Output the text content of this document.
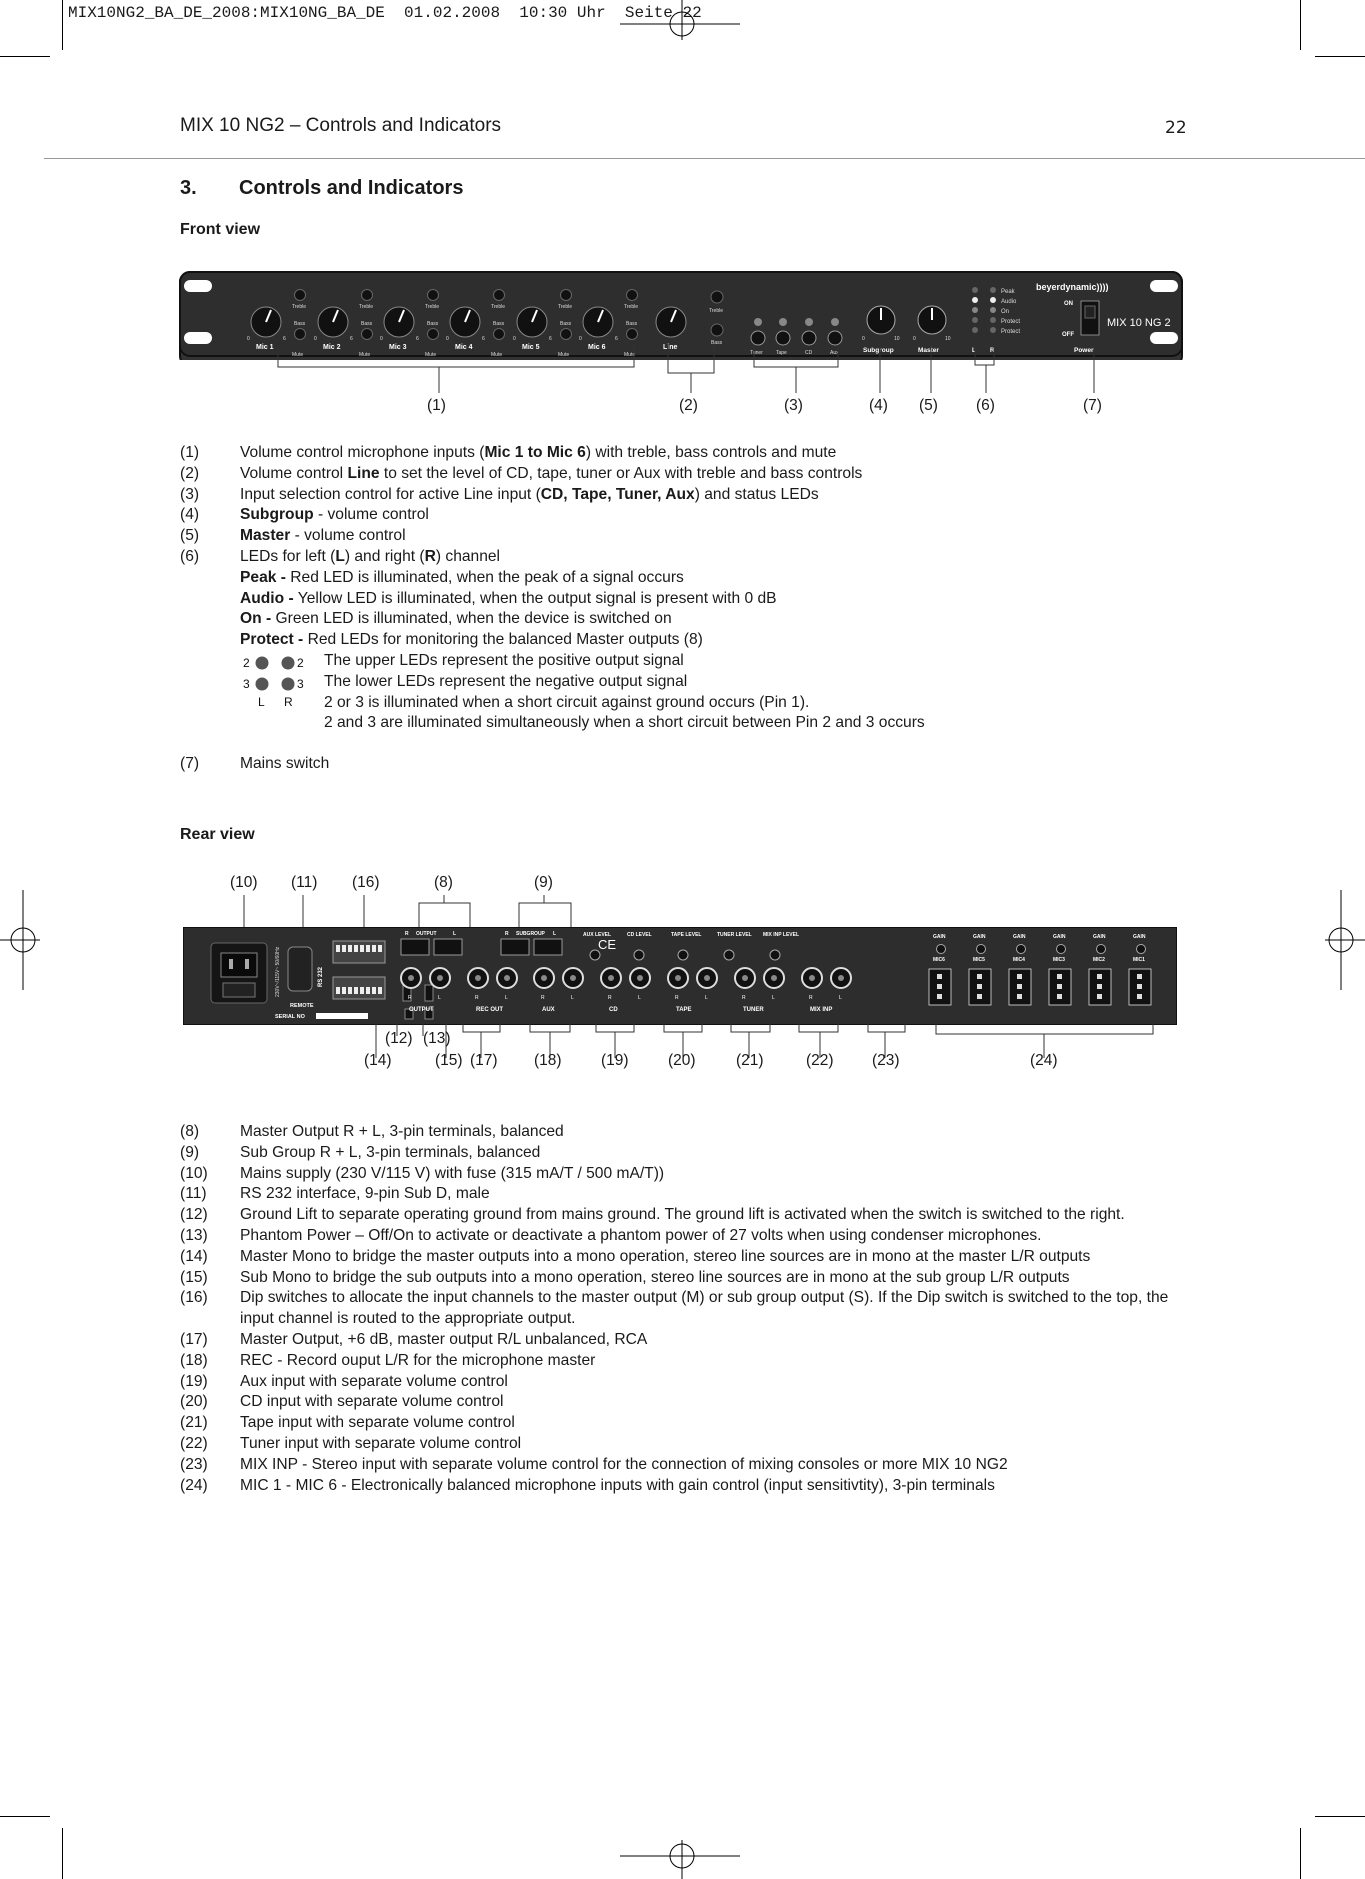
MIX10NG2_BA_DE_2008:MIX10NG_BA_DE  01.02.2008  10:30 Uhr  Seite 22
MIX 10 NG2 – Controls and Indicators	22
3. Controls and Indicators
Front view
Treble
Bass
Mute
0	6
Mic 1
Treble
Bass
Mute
0	6
Mic 2
Treble
Bass
Mute
0	6
Mic 3
Treble
Bass
Mute
0	6
Mic 4
Treble
Bass
Mute
0	6
Mic 5
Treble
Bass
Mute
0	6
Mic 6	Line
Treble
Bass
Tuner	Tape	CD	Aux	Subgroup
0	10
Master
0	10
Peak
Audio
On
Protect
Protect
L R
beyerdynamic))))
ON
OFF
Power
MIX 10 NG 2
(1)	(2)	(3)	(4) (5) (6)	(7)
(1)	Volume control microphone inputs (Mic 1 to Mic 6) with treble, bass controls and mute
(2)	Volume control Line to set the level of CD, tape, tuner or Aux with treble and bass controls
(3)	Input selection control for active Line input (CD, Tape, Tuner, Aux) and status LEDs
(4)	Subgroup - volume control
(5)	Master - volume control
(6)	LEDs for left (L) and right (R) channel
Peak - Red LED is illuminated, when the peak of a signal occurs
Audio - Yellow LED is illuminated, when the output signal is present with 0 dB
On - Green LED is illuminated, when the device is switched on
Protect - Red LEDs for monitoring the balanced Master outputs (8)
2	2
3	3
L R
The upper LEDs represent the positive output signal
The lower LEDs represent the negative output signal
2 or 3 is illuminated when a short circuit against ground occurs (Pin 1).
2 and 3 are illuminated simultaneously when a short circuit between Pin 2 and 3 occurs
(7)	Mains switch
Rear view
(10) (11) (16)	(8)	(9)
230V~/115V~ 50/60Hz	RS 232
REMOTE
SERIAL NO
R OUTPUT	L	R SUBGROUP L
CE
R	L
OUTPUT
R	L
REC OUT
R	L
AUX
R	L
CD
R	L
TAPE
R	L
TUNER
R	L
MIX INP
AUX LEVEL	CD LEVEL	TAPE LEVEL	TUNER LEVEL MIX INP LEVEL	GAIN
MIC6
GAIN
MIC5
GAIN
MIC4
GAIN
MIC3
GAIN
MIC2
GAIN
MIC1
(12) (13)
(14)	(15) (17) (18)	(19)	(20)	(21)	(22) (23)	(24)
(8)	Master Output R + L, 3-pin terminals, balanced
(9)	Sub Group R + L, 3-pin terminals, balanced
(10)	Mains supply (230 V/115 V) with fuse (315 mA/T / 500 mA/T))
(11)	RS 232 interface, 9-pin Sub D, male
(12)	Ground Lift to separate operating ground from mains ground. The ground lift is activated when the switch is switched to the right.
(13)	Phantom Power – Off/On to activate or deactivate a phantom power of 27 volts when using condenser microphones.
(14)	Master Mono to bridge the master outputs into a mono operation, stereo line sources are in mono at the master L/R outputs
(15)	Sub Mono to bridge the sub outputs into a mono operation, stereo line sources are in mono at the sub group L/R outputs
(16)	Dip switches to allocate the input channels to the master output (M) or sub group output (S). If the Dip switch is switched to the top, the input channel is routed to the appropriate output.
(17)	Master Output, +6 dB, master output R/L unbalanced, RCA
(18)	REC - Record ouput L/R for the microphone master
(19)	Aux input with separate volume control
(20)	CD input with separate volume control
(21)	Tape input with separate volume control
(22)	Tuner input with separate volume control
(23)	MIX INP - Stereo input with separate volume control for the connection of mixing consoles or more MIX 10 NG2
(24)	MIC 1 - MIC 6 - Electronically balanced microphone inputs with gain control (input sensitivtity), 3-pin terminals
